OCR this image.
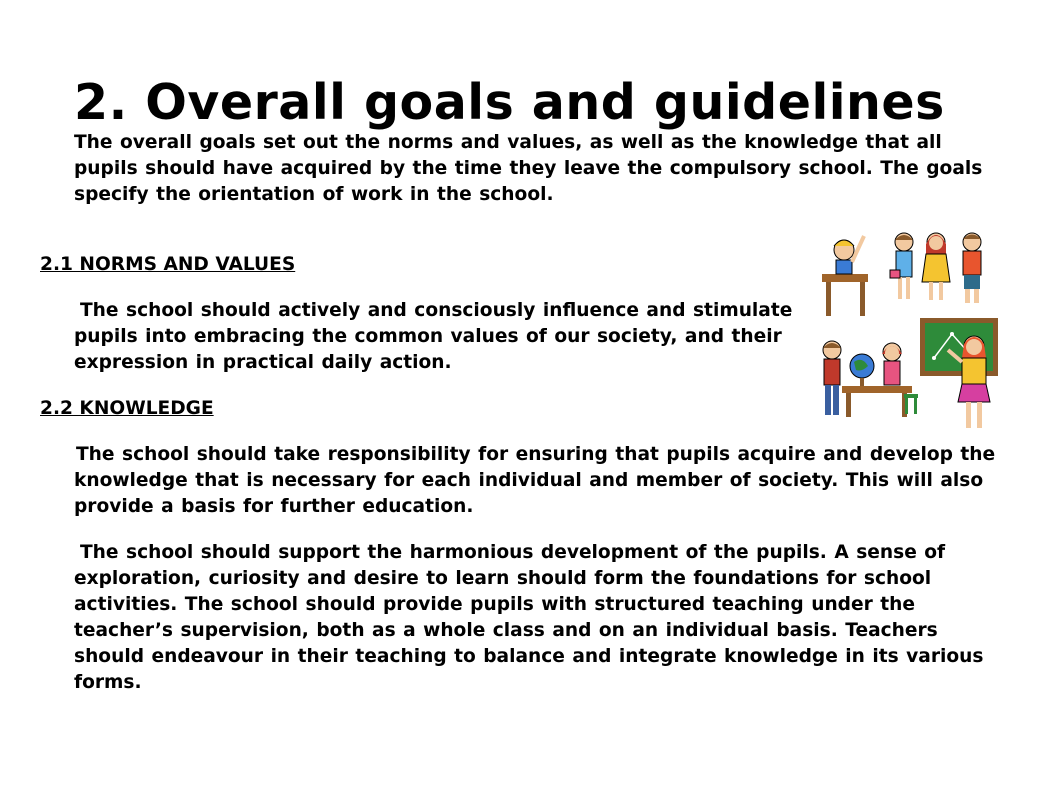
2. Overall goals and guidelines

The overall goals set out the norms and values, as well as the knowledge that all pupils should have acquired by the time they leave the compulsory school. The goals specify the orientation of work in the school.

2.1 NORMS AND VALUES

The school should actively and consciously influence and stimulate pupils into embracing the common values of our society, and their expression in practical daily action.

2.2 KNOWLEDGE

The school should take responsibility for ensuring that pupils acquire and develop the knowledge that is necessary for each individual and member of society. This will also provide a basis for further education.

The school should support the harmonious development of the pupils. A sense of exploration, curiosity and desire to learn should form the foundations for school activities. The school should provide pupils with structured teaching under the teacher’s supervision, both as a whole class and on an individual basis. Teachers should endeavour in their teaching to balance and integrate knowledge in its various forms.
